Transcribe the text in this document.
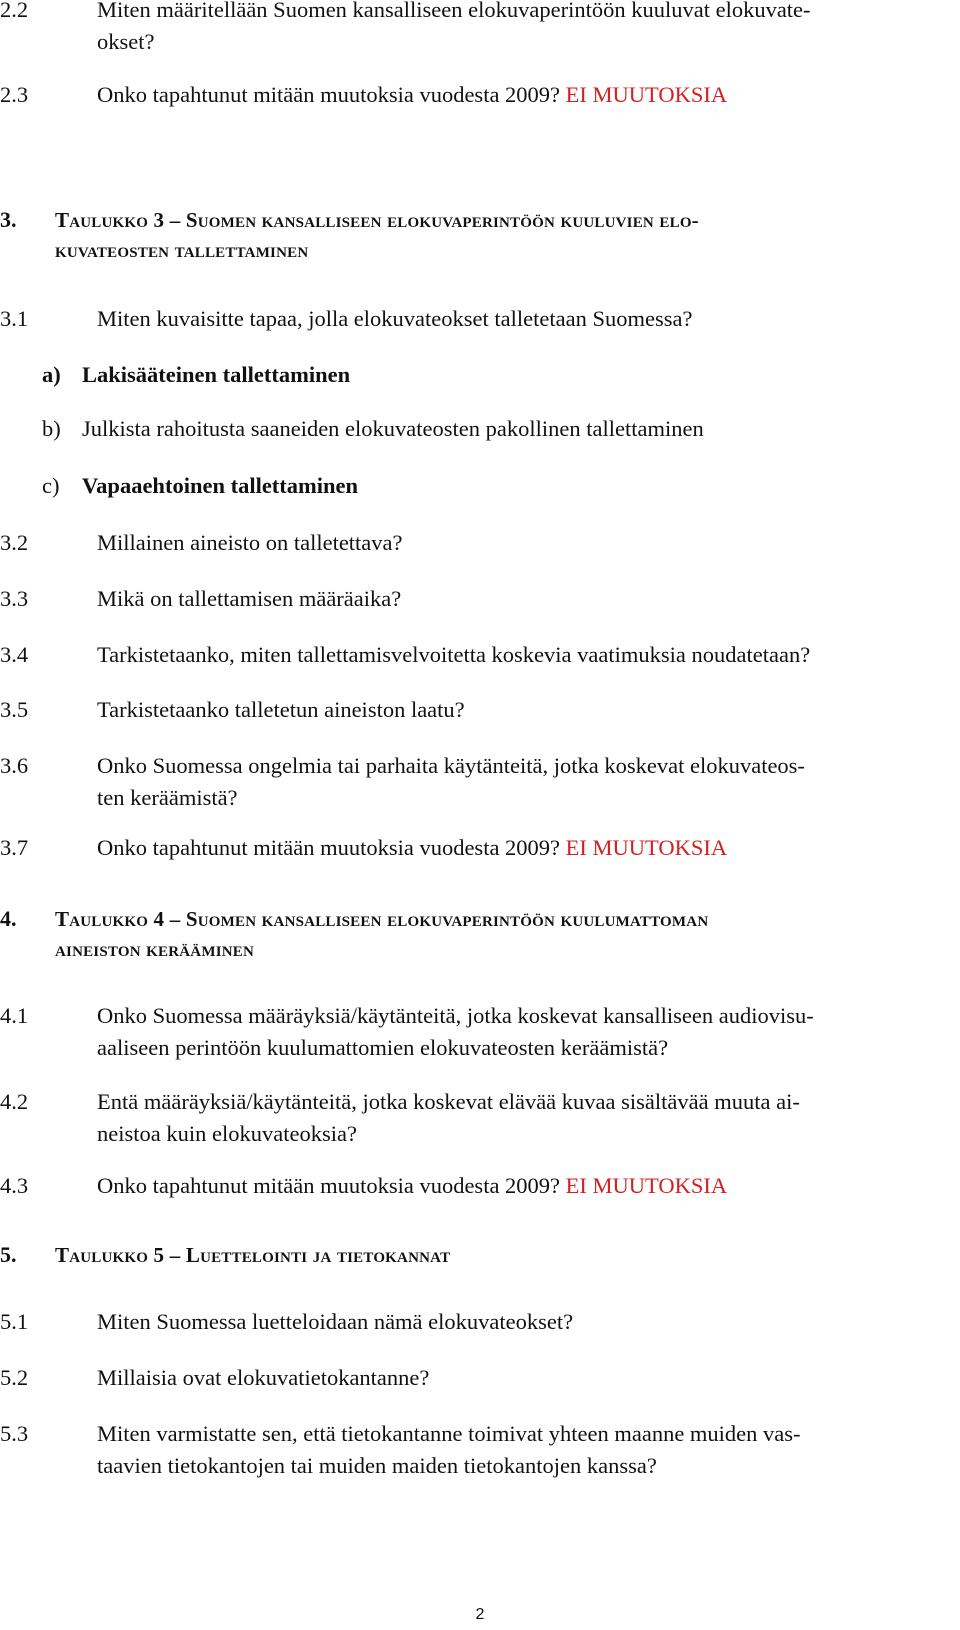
2.2	Miten määritellään Suomen kansalliseen elokuvaperintöön kuuluvat elokuvate-
okset?
2.3	Onko tapahtunut mitään muutoksia vuodesta 2009? EI MUUTOKSIA
3. Taulukko 3 – Suomen kansalliseen elokuvaperintöön kuuluvien elo-
kuvateosten tallettaminen
3.1	Miten kuvaisitte tapaa, jolla elokuvateokset talletetaan Suomessa?
a) Lakisääteinen tallettaminen
b) Julkista rahoitusta saaneiden elokuvateosten pakollinen tallettaminen
c) Vapaaehtoinen tallettaminen
3.2	Millainen aineisto on talletettava?
3.3	Mikä on tallettamisen määräaika?
3.4	Tarkistetaanko, miten tallettamisvelvoitetta koskevia vaatimuksia noudatetaan?
3.5	Tarkistetaanko talletetun aineiston laatu?
3.6	Onko Suomessa ongelmia tai parhaita käytänteitä, jotka koskevat elokuvateos-
ten keräämistä?
3.7	Onko tapahtunut mitään muutoksia vuodesta 2009? EI MUUTOKSIA
4. Taulukko 4 – Suomen kansalliseen elokuvaperintöön kuulumattoman
aineiston kerääminen
4.1	Onko Suomessa määräyksiä/käytänteitä, jotka koskevat kansalliseen audiovisu-
aaliseen perintöön kuulumattomien elokuvateosten keräämistä?
4.2	Entä määräyksiä/käytänteitä, jotka koskevat elävää kuvaa sisältävää muuta ai-
neistoa kuin elokuvateoksia?
4.3	Onko tapahtunut mitään muutoksia vuodesta 2009? EI MUUTOKSIA
5. Taulukko 5 – Luettelointi ja tietokannat
5.1	Miten Suomessa luetteloidaan nämä elokuvateokset?
5.2	Millaisia ovat elokuvatietokantanne?
5.3	Miten varmistatte sen, että tietokantanne toimivat yhteen maanne muiden vas-
taavien tietokantojen tai muiden maiden tietokantojen kanssa?
2
